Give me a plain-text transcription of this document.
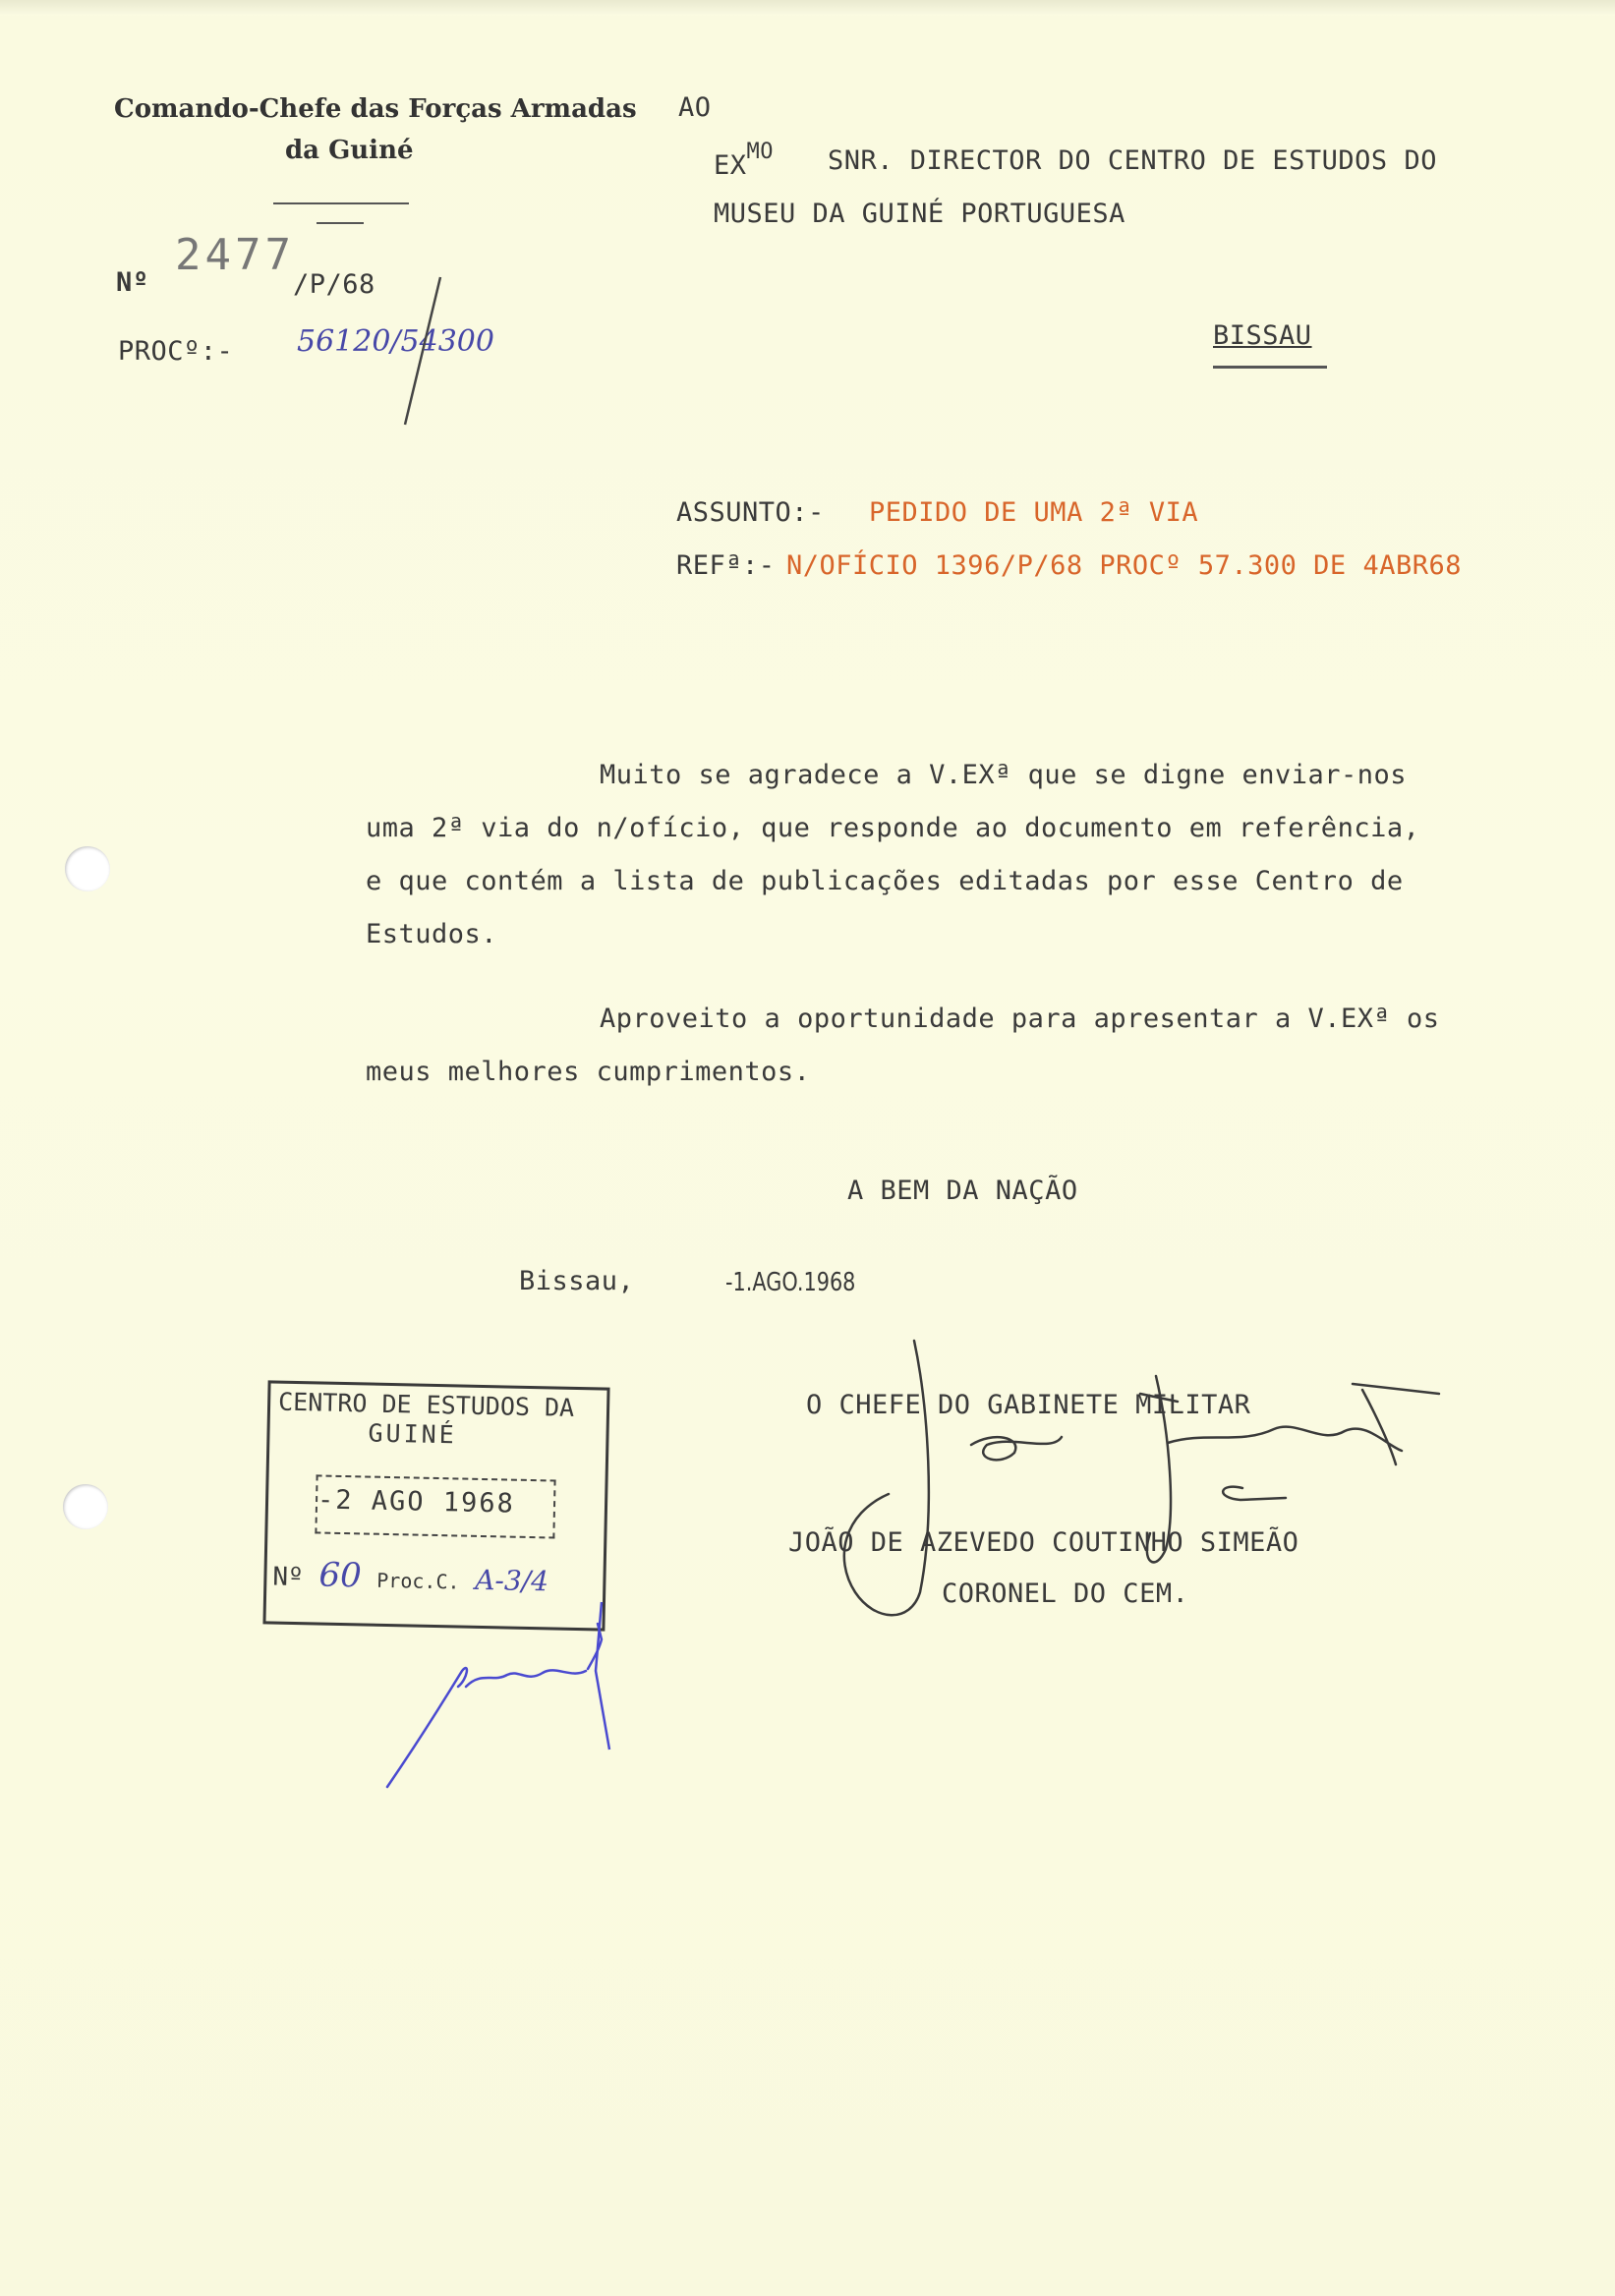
Comando-Chefe das Forças Armadas
da Guiné
Nº
2477
/P/68
PROCº:- 56120/54300
AO
$EX^{MO}$ SNR. DIRECTOR DO CENTRO DE ESTUDOS DO
MUSEU DA GUINÉ PORTUGUESA
BISSAU
ASSUNTO:- PEDIDO DE UMA 2ª VIA
REFª:- N/OFÍCIO 1396/P/68 PROCº 57.300 DE 4ABR68
Muito se agradece a V.EXª que se digne enviar-nos
uma 2ª via do n/ofício, que responde ao documento em referência,
e que contém a lista de publicações editadas por esse Centro de
Estudos.
Aproveito a oportunidade para apresentar a V.EXª os
meus melhores cumprimentos.
A BEM DA NAÇÃO
Bissau,	-1.AGO.1968
O CHEFE DO GABINETE MILITAR
JOÃO DE AZEVEDO COUTINHO SIMEÃO
CORONEL DO CEM.
CENTRO DE ESTUDOS DA
GUINÉ
-2 AGO 1968
Nº 60 Proc.C. A-3/4
